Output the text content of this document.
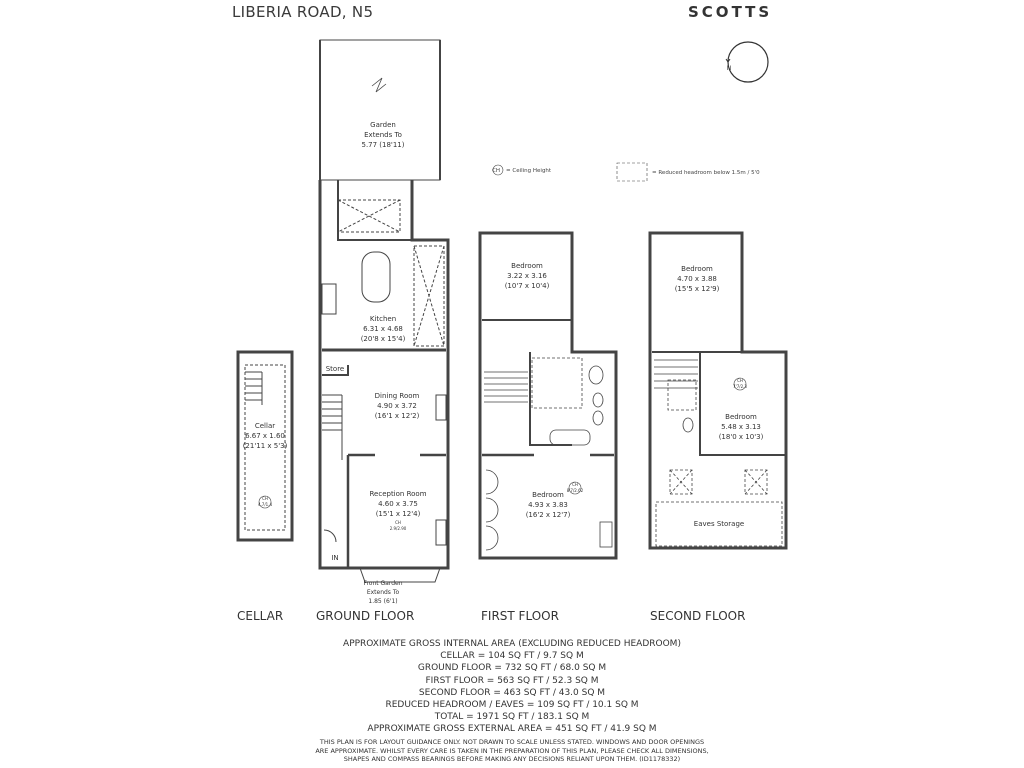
LIBERIA ROAD, N5	SCOTTS
CH = Ceiling Height	= Reduced headroom below 1.5m / 5'0
N
Garden
Extends To
5.77 (18'11)
Kitchen
6.31 x 4.68
(20'8 x 15'4)
Store
Dining Room
4.90 x 3.72
(16'1 x 12'2)
Reception Room
4.60 x 3.75
(15'1 x 12'4)
CH
2.9/2.90
Front Garden
Extends To
1.85 (6'1)
IN
Cellar
6.67 x 1.60
(21'11 x 5'3)
CH
4.7/1.4
Bedroom
3.22 x 3.16
(10'7 x 10'4)
Bedroom
4.93 x 3.83
(16'2 x 12'7)
CH
8'7/2.62
Bedroom
4.70 x 3.88
(15'5 x 12'9)
Bedroom
5.48 x 3.13
(18'0 x 10'3)
CH
7'7/2.3
Eaves Storage
CELLAR	GROUND FLOOR	FIRST FLOOR	SECOND FLOOR
APPROXIMATE GROSS INTERNAL AREA (EXCLUDING REDUCED HEADROOM)
CELLAR = 104 SQ FT / 9.7 SQ M
GROUND FLOOR = 732 SQ FT / 68.0 SQ M
FIRST FLOOR = 563 SQ FT / 52.3 SQ M
SECOND FLOOR = 463 SQ FT / 43.0 SQ M
REDUCED HEADROOM / EAVES = 109 SQ FT / 10.1 SQ M
TOTAL = 1971 SQ FT / 183.1 SQ M
APPROXIMATE GROSS EXTERNAL AREA = 451 SQ FT / 41.9 SQ M
THIS PLAN IS FOR LAYOUT GUIDANCE ONLY. NOT DRAWN TO SCALE UNLESS STATED. WINDOWS AND DOOR OPENINGS
ARE APPROXIMATE. WHILST EVERY CARE IS TAKEN IN THE PREPARATION OF THIS PLAN, PLEASE CHECK ALL DIMENSIONS,
SHAPES AND COMPASS BEARINGS BEFORE MAKING ANY DECISIONS RELIANT UPON THEM. (ID1178332)
